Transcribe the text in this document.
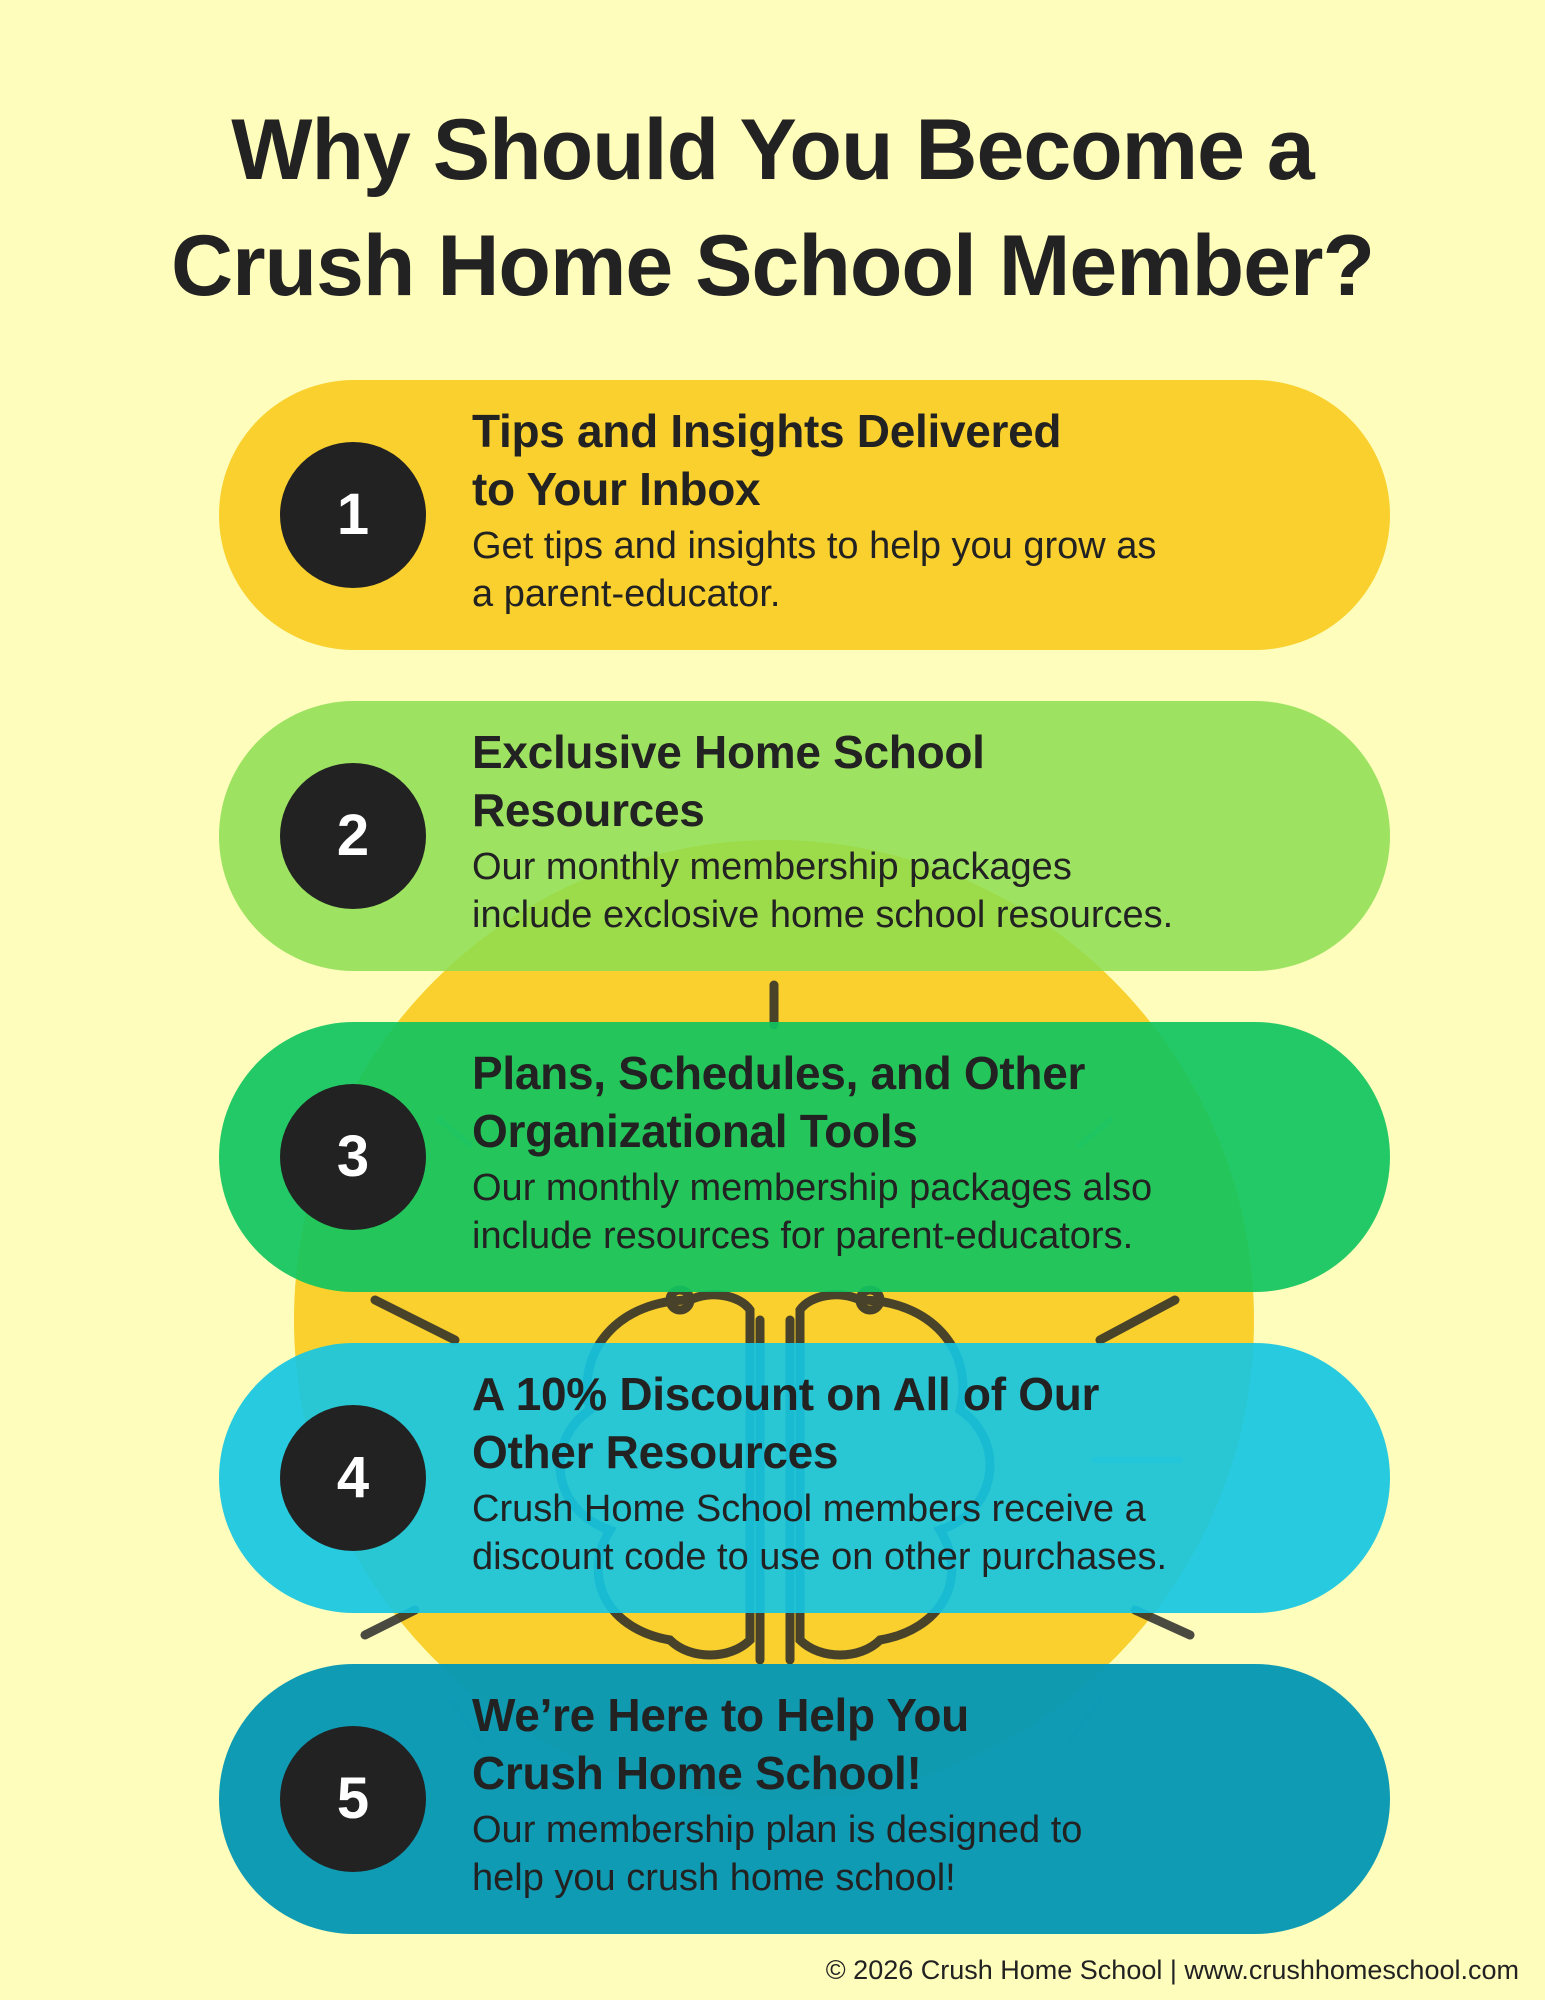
Why Should You Become a
Crush Home School Member?
1
Tips and Insights Delivered
to Your Inbox

Get tips and insights to help you grow as
a parent-educator.

2
Exclusive Home School
Resources

Our monthly membership packages
include exclosive home school resources.

3
Plans, Schedules, and Other
Organizational Tools

Our monthly membership packages also
include resources for parent-educators.

4
A 10% Discount on All of Our
Other Resources

Crush Home School members receive a
discount code to use on other purchases.

5
We’re Here to Help You
Crush Home School!

Our membership plan is designed to
help you crush home school!

© 2026 Crush Home School | www.crushhomeschool.com
